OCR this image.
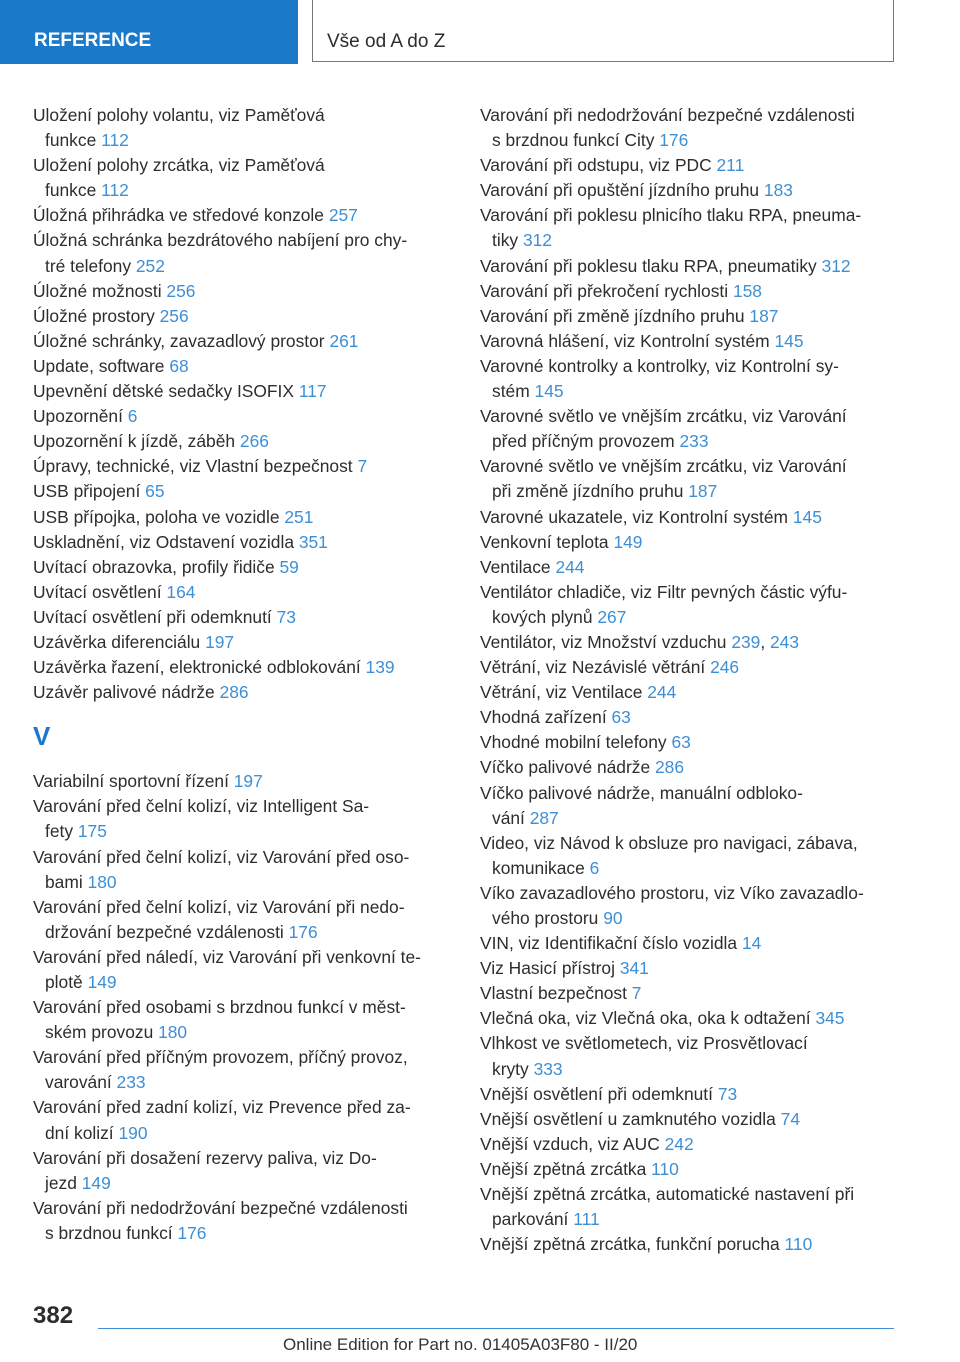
REFERENCE	Vše od A do Z
Uložení polohy volantu, viz Paměťová
funkce 112
Uložení polohy zrcátka, viz Paměťová
funkce 112
Úložná přihrádka ve středové konzole 257
Úložná schránka bezdrátového nabíjení pro chy-
tré telefony 252
Úložné možnosti 256
Úložné prostory 256
Úložné schránky, zavazadlový prostor 261
Update, software 68
Upevnění dětské sedačky ISOFIX 117
Upozornění 6
Upozornění k jízdě, záběh 266
Úpravy, technické, viz Vlastní bezpečnost 7
USB připojení 65
USB přípojka, poloha ve vozidle 251
Uskladnění, viz Odstavení vozidla 351
Uvítací obrazovka, profily řidiče 59
Uvítací osvětlení 164
Uvítací osvětlení při odemknutí 73
Uzávěrka diferenciálu 197
Uzávěrka řazení, elektronické odblokování 139
Uzávěr palivové nádrže 286
V
Variabilní sportovní řízení 197
Varování před čelní kolizí, viz Intelligent Sa-
fety 175
Varování před čelní kolizí, viz Varování před oso-
bami 180
Varování před čelní kolizí, viz Varování při nedo-
držování bezpečné vzdálenosti 176
Varování před náledí, viz Varování při venkovní te-
plotě 149
Varování před osobami s brzdnou funkcí v měst-
ském provozu 180
Varování před příčným provozem, příčný provoz,
varování 233
Varování před zadní kolizí, viz Prevence před za-
dní kolizí 190
Varování při dosažení rezervy paliva, viz Do-
jezd 149
Varování při nedodržování bezpečné vzdálenosti
s brzdnou funkcí 176
Varování při nedodržování bezpečné vzdálenosti
s brzdnou funkcí City 176
Varování při odstupu, viz PDC 211
Varování při opuštění jízdního pruhu 183
Varování při poklesu plnicího tlaku RPA, pneuma-
tiky 312
Varování při poklesu tlaku RPA, pneumatiky 312
Varování při překročení rychlosti 158
Varování při změně jízdního pruhu 187
Varovná hlášení, viz Kontrolní systém 145
Varovné kontrolky a kontrolky, viz Kontrolní sy-
stém 145
Varovné světlo ve vnějším zrcátku, viz Varování
před příčným provozem 233
Varovné světlo ve vnějším zrcátku, viz Varování
při změně jízdního pruhu 187
Varovné ukazatele, viz Kontrolní systém 145
Venkovní teplota 149
Ventilace 244
Ventilátor chladiče, viz Filtr pevných částic výfu-
kových plynů 267
Ventilátor, viz Množství vzduchu 239, 243
Větrání, viz Nezávislé větrání 246
Větrání, viz Ventilace 244
Vhodná zařízení 63
Vhodné mobilní telefony 63
Víčko palivové nádrže 286
Víčko palivové nádrže, manuální odbloko-
vání 287
Video, viz Návod k obsluze pro navigaci, zábava,
komunikace 6
Víko zavazadlového prostoru, viz Víko zavazadlo-
vého prostoru 90
VIN, viz Identifikační číslo vozidla 14
Viz Hasicí přístroj 341
Vlastní bezpečnost 7
Vlečná oka, viz Vlečná oka, oka k odtažení 345
Vlhkost ve světlometech, viz Prosvětlovací
kryty 333
Vnější osvětlení při odemknutí 73
Vnější osvětlení u zamknutého vozidla 74
Vnější vzduch, viz AUC 242
Vnější zpětná zrcátka 110
Vnější zpětná zrcátka, automatické nastavení při
parkování 111
Vnější zpětná zrcátka, funkční porucha 110
382
Online Edition for Part no. 01405A03F80 - II/20
